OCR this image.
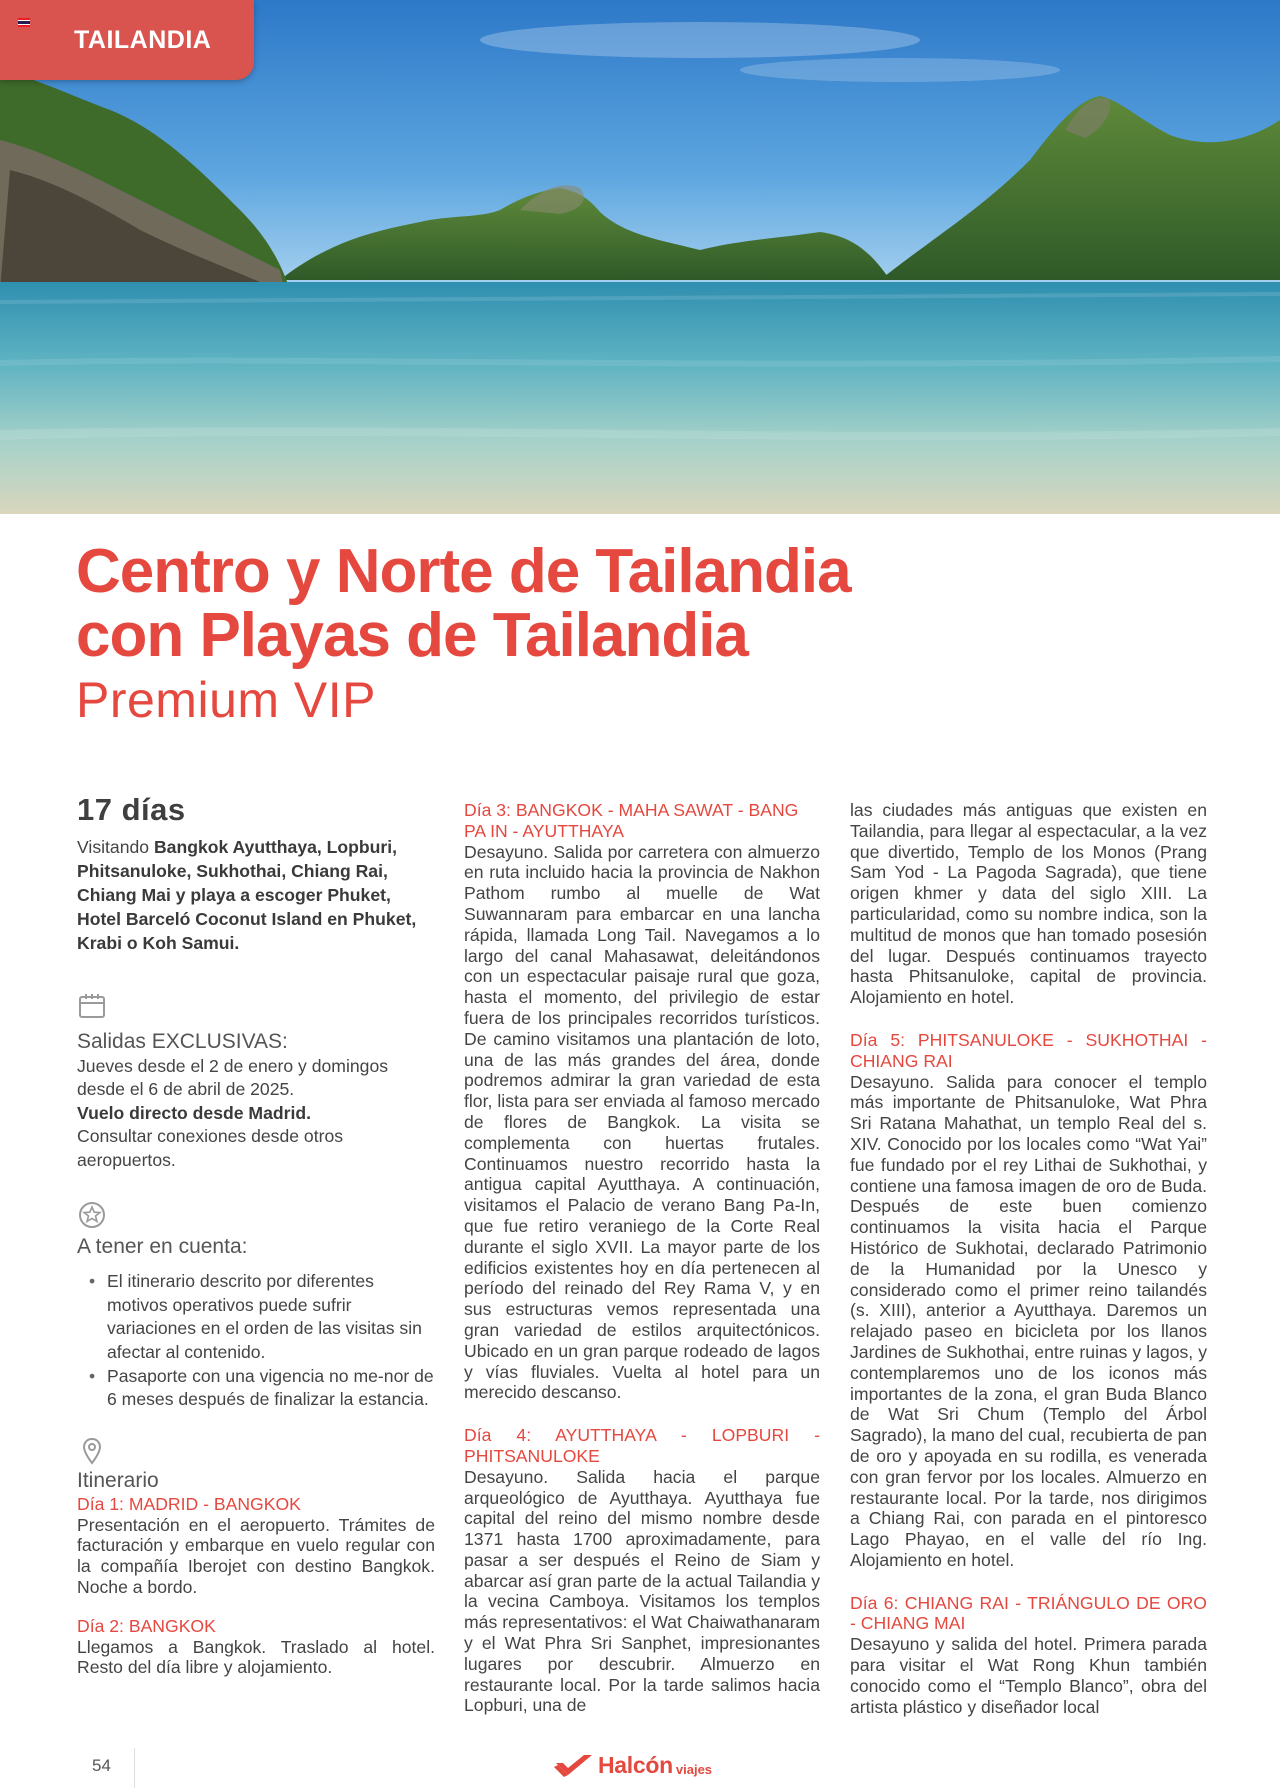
TAILANDIA
Centro y Norte de Tailandia
con Playas de Tailandia
Premium VIP
17 días

Visitando Bangkok Ayutthaya, Lopburi, Phitsanuloke, Sukhothai, Chiang Rai, Chiang Mai y playa a escoger Phuket, Hotel Barceló Coconut Island en Phuket, Krabi o Koh Samui.

Salidas EXCLUSIVAS:

Jueves desde el 2 de enero y domingos desde el 6 de abril de 2025.

Vuelo directo desde Madrid.

Consultar conexiones desde otros aeropuertos.

A tener en cuenta:
• El itinerario descrito por diferentes motivos operativos puede sufrir variaciones en el orden de las visitas sin afectar al contenido.
• Pasaporte con una vigencia no me-nor de 6 meses después de finalizar la estancia.
Itinerario
Día 1: MADRID - BANGKOK

Presentación en el aeropuerto. Trámites de facturación y embarque en vuelo regular con la compañía Iberojet con destino Bangkok. Noche a bordo.

Día 2: BANGKOK

Llegamos a Bangkok. Traslado al hotel. Resto del día libre y alojamiento.

Día 3: BANGKOK - MAHA SAWAT - BANG PA IN - AYUTTHAYA

Desayuno. Salida por carretera con almuerzo en ruta incluido hacia la provincia de Nakhon Pathom rumbo al muelle de Wat Suwannaram para embarcar en una lancha rápida, llamada Long Tail. Navegamos a lo largo del canal Mahasawat, deleitándonos con un espectacular paisaje rural que goza, hasta el momento, del privilegio de estar fuera de los principales recorridos turísticos. De camino visitamos una plantación de loto, una de las más grandes del área, donde podremos admirar la gran variedad de esta flor, lista para ser enviada al famoso mercado de flores de Bangkok. La visita se complementa con huertas frutales. Continuamos nuestro recorrido hasta la antigua capital Ayutthaya. A continuación, visitamos el Palacio de verano Bang Pa-In, que fue retiro veraniego de la Corte Real durante el siglo XVII. La mayor parte de los edificios existentes hoy en día pertenecen al período del reinado del Rey Rama V, y en sus estructuras vemos representada una gran variedad de estilos arquitectónicos. Ubicado en un gran parque rodeado de lagos y vías fluviales. Vuelta al hotel para un merecido descanso.

Día 4: AYUTTHAYA - LOPBURI - PHITSANULOKE

Desayuno. Salida hacia el parque arqueológico de Ayutthaya. Ayutthaya fue capital del reino del mismo nombre desde 1371 hasta 1700 aproximadamente, para pasar a ser después el Reino de Siam y abarcar así gran parte de la actual Tailandia y la vecina Camboya. Visitamos los templos más representativos: el Wat Chaiwathanaram y el Wat Phra Sri Sanphet, impresionantes lugares por descubrir. Almuerzo en restaurante local. Por la tarde salimos hacia Lopburi, una de

las ciudades más antiguas que existen en Tailandia, para llegar al espectacular, a la vez que divertido, Templo de los Monos (Prang Sam Yod - La Pagoda Sagrada), que tiene origen khmer y data del siglo XIII. La particularidad, como su nombre indica, son la multitud de monos que han tomado posesión del lugar. Después continuamos trayecto hasta Phitsanuloke, capital de provincia. Alojamiento en hotel.

Día 5: PHITSANULOKE - SUKHOTHAI - CHIANG RAI

Desayuno. Salida para conocer el templo más importante de Phitsanuloke, Wat Phra Sri Ratana Mahathat, un templo Real del s. XIV. Conocido por los locales como “Wat Yai” fue fundado por el rey Lithai de Sukhothai, y contiene una famosa imagen de oro de Buda. Después de este buen comienzo continuamos la visita hacia el Parque Histórico de Sukhotai, declarado Patrimonio de la Humanidad por la Unesco y considerado como el primer reino tailandés (s. XIII), anterior a Ayutthaya. Daremos un relajado paseo en bicicleta por los llanos Jardines de Sukhothai, entre ruinas y lagos, y contemplaremos uno de los iconos más importantes de la zona, el gran Buda Blanco de Wat Sri Chum (Templo del Árbol Sagrado), la mano del cual, recubierta de pan de oro y apoyada en su rodilla, es venerada con gran fervor por los locales. Almuerzo en restaurante local. Por la tarde, nos dirigimos a Chiang Rai, con parada en el pintoresco Lago Phayao, en el valle del río Ing. Alojamiento en hotel.

Día 6: CHIANG RAI - TRIÁNGULO DE ORO - CHIANG MAI

Desayuno y salida del hotel. Primera parada para visitar el Wat Rong Khun también conocido como el “Templo Blanco”, obra del artista plástico y diseñador local

54	Halcón viajes
